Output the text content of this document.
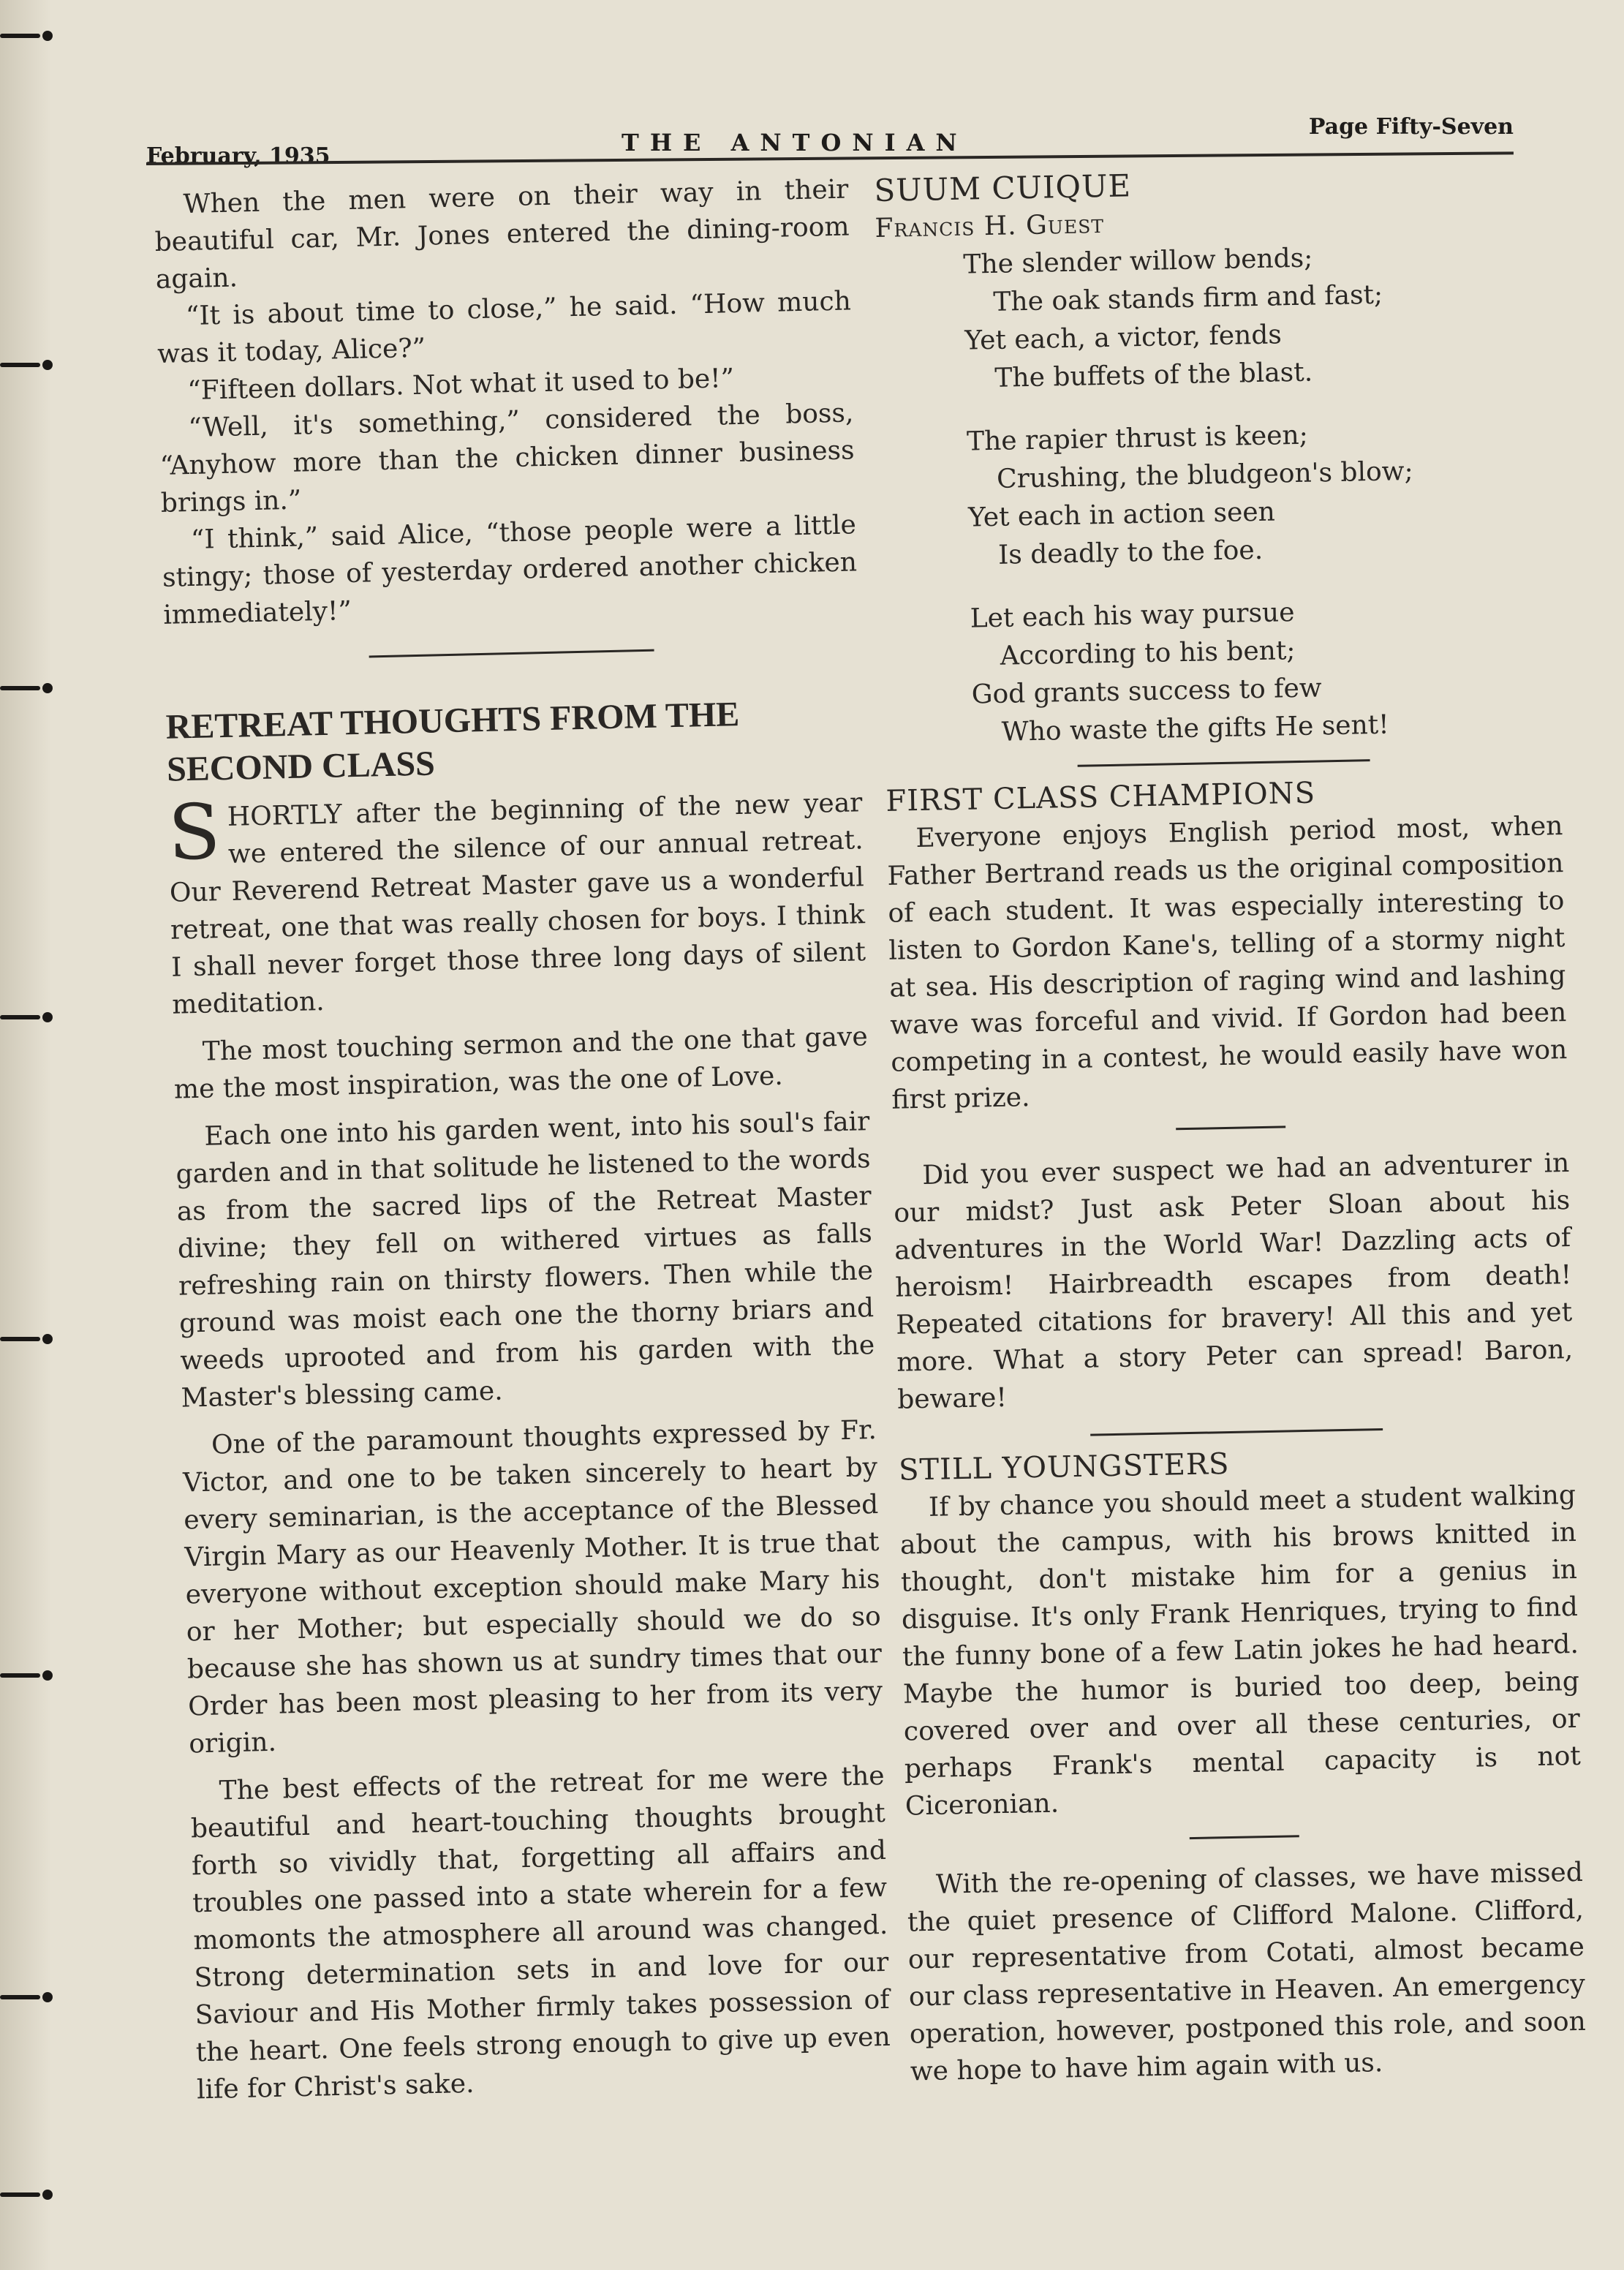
February, 1935	THE ANTONIAN
Page Fifty-Seven

When the men were on their way in their beautiful car, Mr. Jones entered the dining-room again.

“It is about time to close,” he said. “How much was it today, Alice?”

“Fifteen dollars. Not what it used to be!”

“Well, it's something,” considered the boss, “Anyhow more than the chicken dinner business brings in.”

“I think,” said Alice, “those people were a little stingy; those of yesterday ordered another chicken immediately!”

RETREAT THOUGHTS FROM THE

SECOND CLASS

SHORTLY after the beginning of the new year we entered the silence of our annual retreat. Our Reverend Retreat Master gave us a wonderful retreat, one that was really chosen for boys. I think I shall never forget those three long days of silent meditation.

The most touching sermon and the one that gave me the most inspiration, was the one of Love.

Each one into his garden went, into his soul's fair garden and in that solitude he listened to the words as from the sacred lips of the Retreat Master divine; they fell on withered virtues as falls refreshing rain on thirsty flowers. Then while the ground was moist each one the thorny briars and weeds uprooted and from his garden with the Master's blessing came.

One of the paramount thoughts expressed by Fr. Victor, and one to be taken sincerely to heart by every seminarian, is the acceptance of the Blessed Virgin Mary as our Heavenly Mother. It is true that everyone without exception should make Mary his or her Mother; but especially should we do so because she has shown us at sundry times that our Order has been most pleasing to her from its very origin.

The best effects of the retreat for me were the beautiful and heart-touching thoughts brought forth so vividly that, forgetting all affairs and troubles one passed into a state wherein for a few momonts the atmosphere all around was changed. Strong determination sets in and love for our Saviour and His Mother firmly takes possession of the heart. One feels strong enough to give up even life for Christ's sake.

SUUM CUIQUE

Francis H. Guest

The slender willow bends;

The oak stands firm and fast;

Yet each, a victor, fends

The buffets of the blast.

The rapier thrust is keen;

Crushing, the bludgeon's blow;

Yet each in action seen

Is deadly to the foe.

Let each his way pursue

According to his bent;

God grants success to few

Who waste the gifts He sent!

FIRST CLASS CHAMPIONS

Everyone enjoys English period most, when Father Bertrand reads us the original composition of each student. It was especially interesting to listen to Gordon Kane's, telling of a stormy night at sea. His description of raging wind and lashing wave was forceful and vivid. If Gordon had been competing in a contest, he would easily have won first prize.

Did you ever suspect we had an adventurer in our midst? Just ask Peter Sloan about his adventures in the World War! Dazzling acts of heroism! Hairbreadth escapes from death! Repeated citations for bravery! All this and yet more. What a story Peter can spread! Baron, beware!

STILL YOUNGSTERS

If by chance you should meet a student walking about the campus, with his brows knitted in thought, don't mistake him for a genius in disguise. It's only Frank Henriques, trying to find the funny bone of a few Latin jokes he had heard. Maybe the humor is buried too deep, being covered over and over all these centuries, or perhaps Frank's mental capacity is not Ciceronian.

With the re-opening of classes, we have missed the quiet presence of Clifford Malone. Clifford, our representative from Cotati, almost became our class representative in Heaven. An emergency operation, however, postponed this role, and soon we hope to have him again with us.
